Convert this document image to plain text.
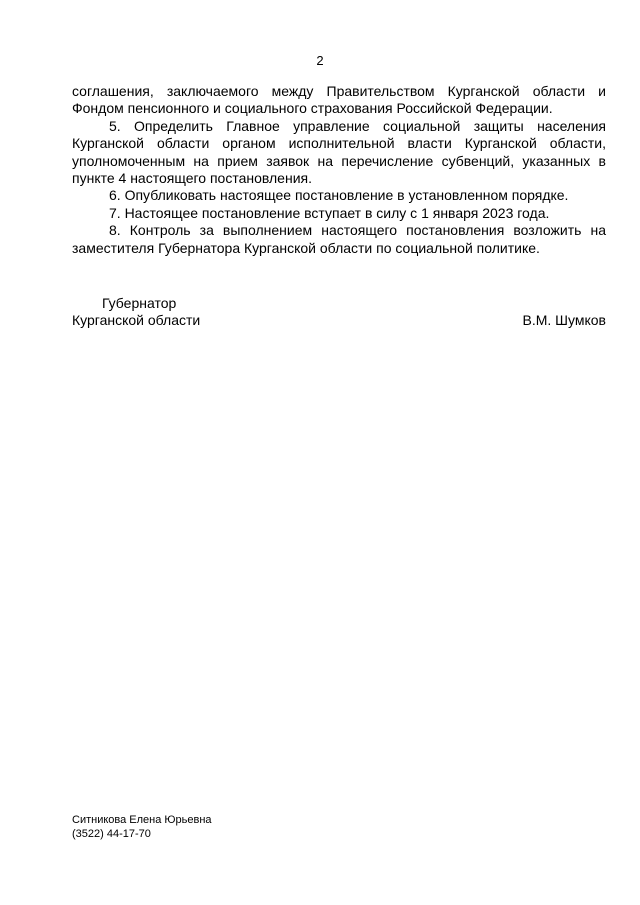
2

соглашения, заключаемого между Правительством Курганской области и Фондом пенсионного и социального страхования Российской Федерации.

5. Определить Главное управление социальной защиты населения Курганской области органом исполнительной власти Курганской области, уполномоченным на прием заявок на перечисление субвенций, указанных в пункте 4 настоящего постановления.

6. Опубликовать настоящее постановление в установленном порядке.

7. Настоящее постановление вступает в силу с 1 января 2023 года.

8. Контроль за выполнением настоящего постановления возложить на заместителя Губернатора Курганской области по социальной политике.

Губернатор
Курганской области	В.М. Шумков
Ситникова Елена Юрьевна
(3522) 44-17-70
